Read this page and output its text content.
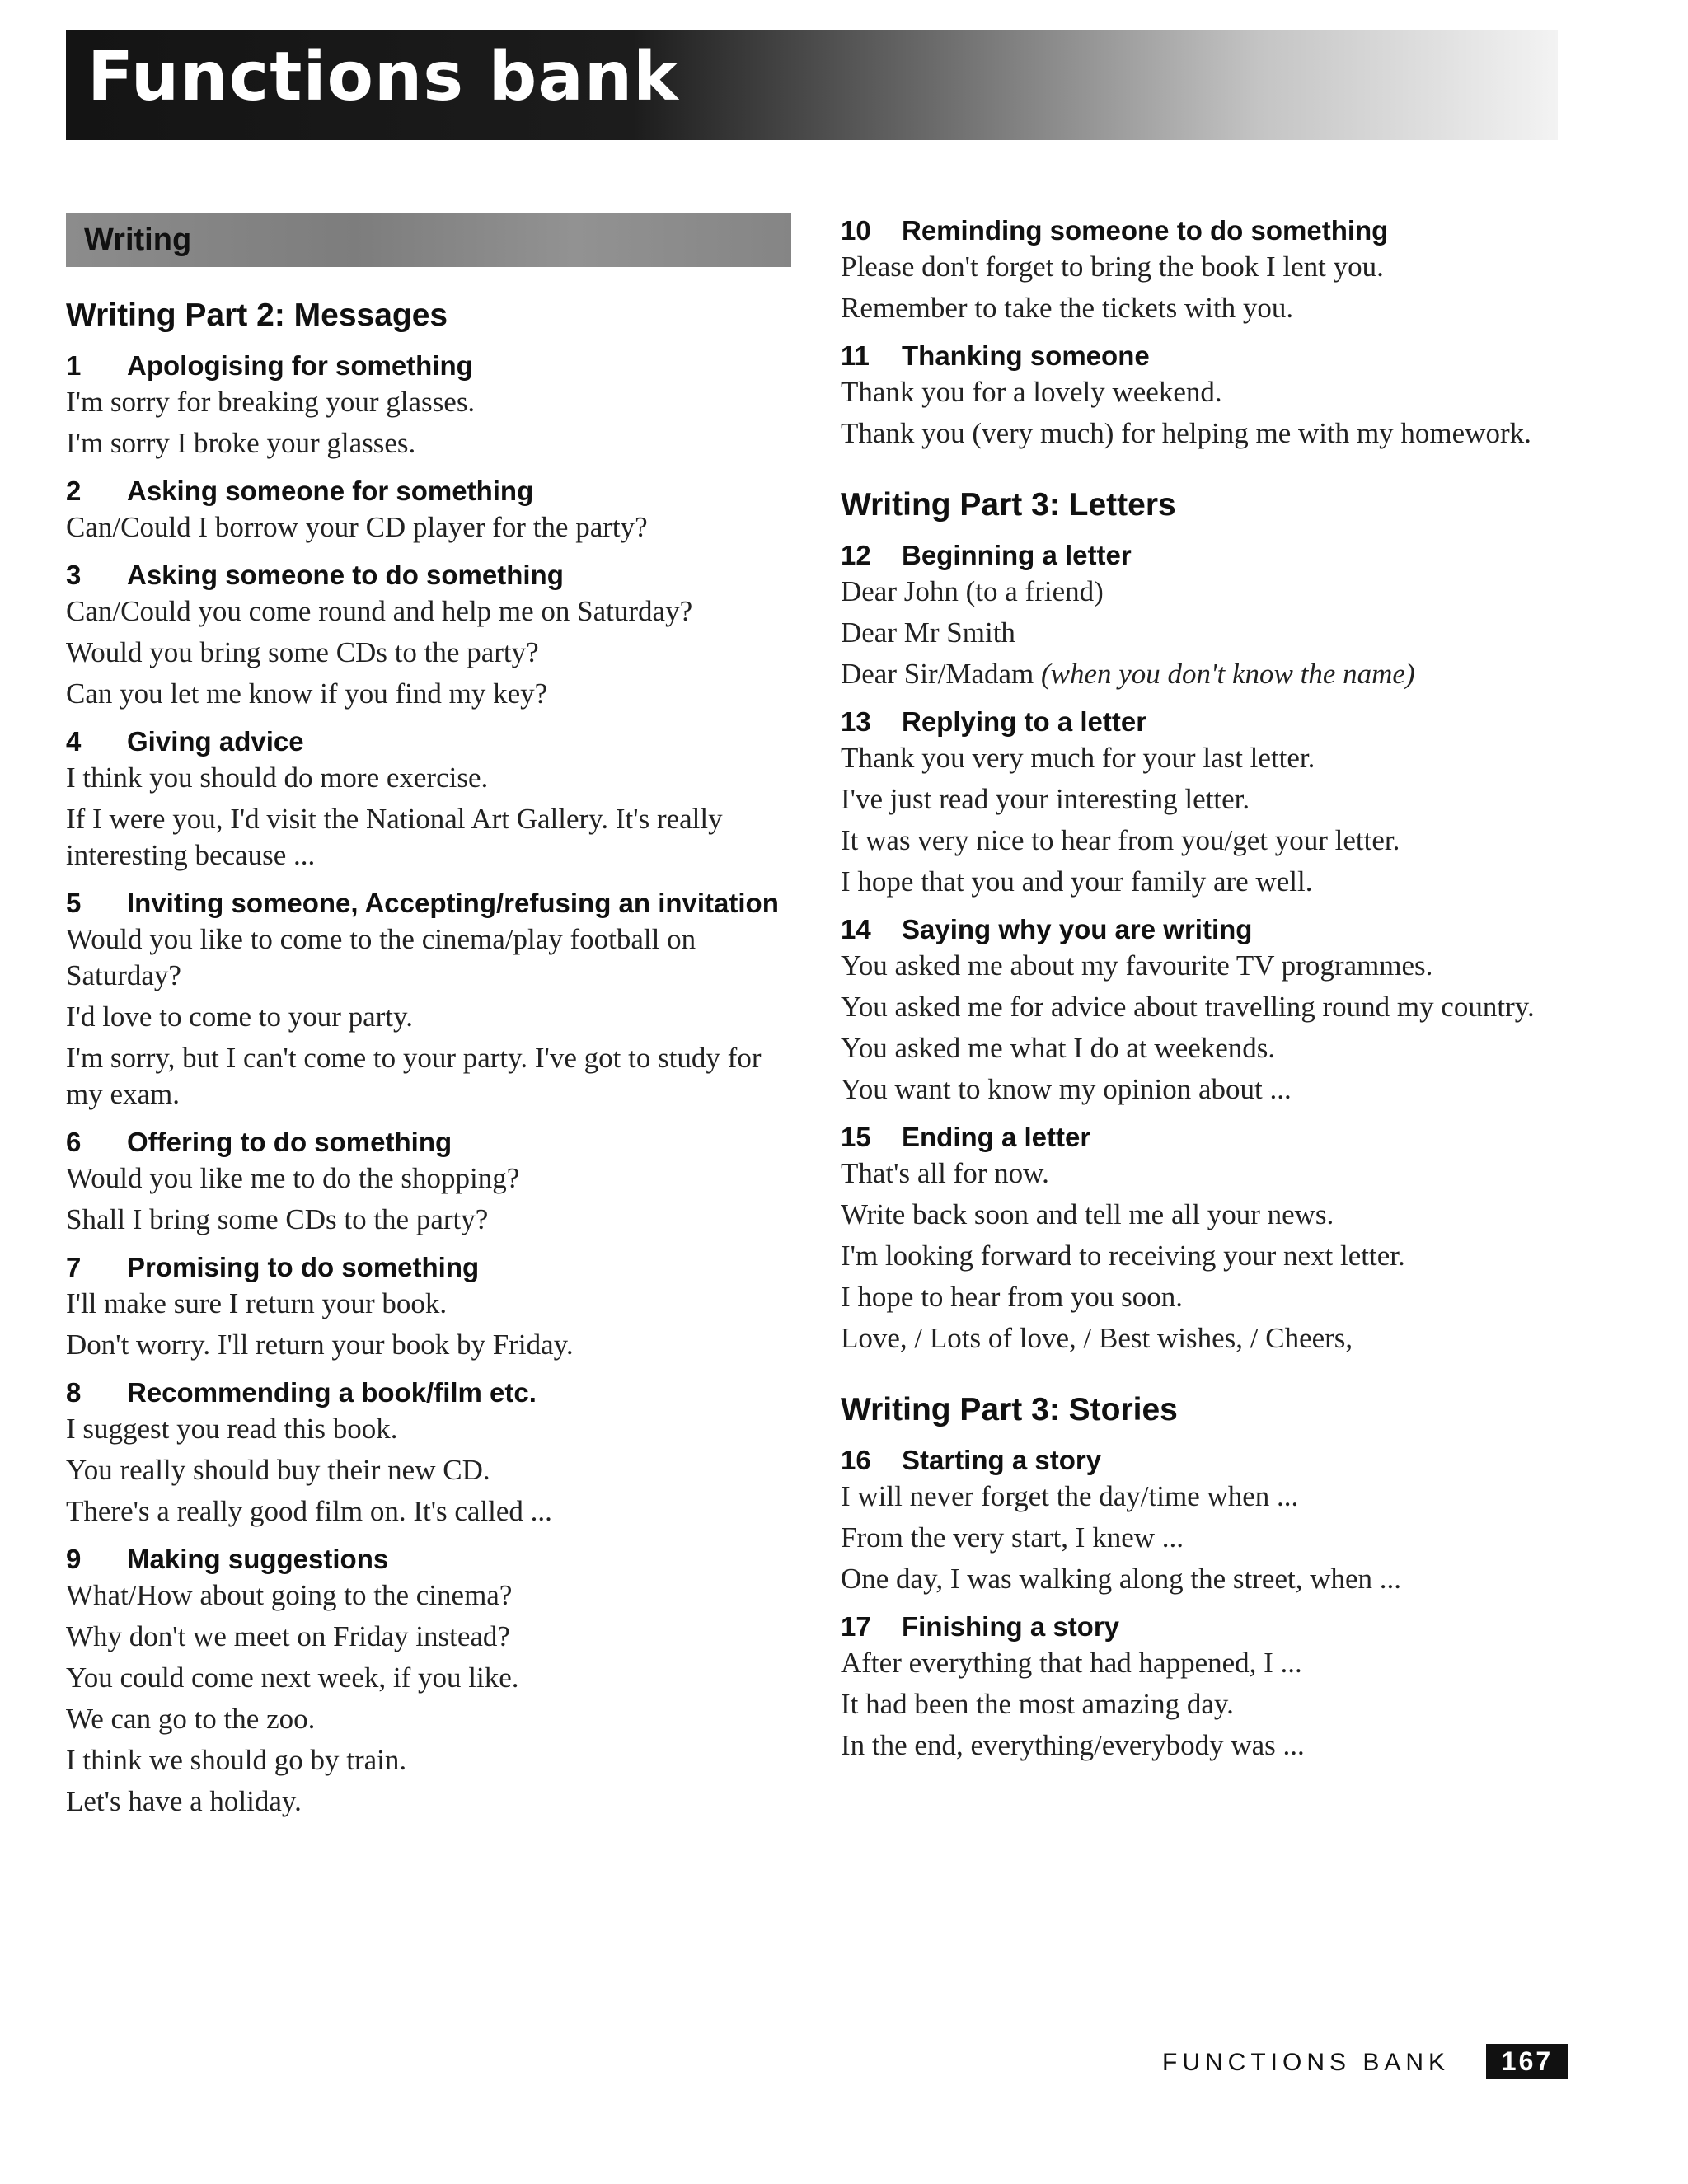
Functions bank
Writing
Writing Part 2: Messages
1	Apologising for something

I'm sorry for breaking your glasses.

I'm sorry I broke your glasses.

2	Asking someone for something

Can/Could I borrow your CD player for the party?

3	Asking someone to do something

Can/Could you come round and help me on Saturday?

Would you bring some CDs to the party?

Can you let me know if you find my key?

4	Giving advice

I think you should do more exercise.

If I were you, I'd visit the National Art Gallery. It's really interesting because ...

5	Inviting someone, Accepting/refusing an invitation

Would you like to come to the cinema/play football on Saturday?

I'd love to come to your party.

I'm sorry, but I can't come to your party. I've got to study for my exam.

6	Offering to do something

Would you like me to do the shopping?

Shall I bring some CDs to the party?

7	Promising to do something

I'll make sure I return your book.

Don't worry. I'll return your book by Friday.

8	Recommending a book/film etc.

I suggest you read this book.

You really should buy their new CD.

There's a really good film on. It's called ...

9	Making suggestions

What/How about going to the cinema?

Why don't we meet on Friday instead?

You could come next week, if you like.

We can go to the zoo.

I think we should go by train.

Let's have a holiday.

10	Reminding someone to do something

Please don't forget to bring the book I lent you.

Remember to take the tickets with you.

11	Thanking someone

Thank you for a lovely weekend.

Thank you (very much) for helping me with my homework.

Writing Part 3: Letters
12	Beginning a letter

Dear John (to a friend)

Dear Mr Smith

Dear Sir/Madam (when you don't know the name)

13	Replying to a letter

Thank you very much for your last letter.

I've just read your interesting letter.

It was very nice to hear from you/get your letter.

I hope that you and your family are well.

14	Saying why you are writing

You asked me about my favourite TV programmes.

You asked me for advice about travelling round my country.

You asked me what I do at weekends.

You want to know my opinion about ...

15	Ending a letter

That's all for now.

Write back soon and tell me all your news.

I'm looking forward to receiving your next letter.

I hope to hear from you soon.

Love, / Lots of love, / Best wishes, / Cheers,

Writing Part 3: Stories
16	Starting a story

I will never forget the day/time when ...

From the very start, I knew ...

One day, I was walking along the street, when ...

17	Finishing a story

After everything that had happened, I ...

It had been the most amazing day.

In the end, everything/everybody was ...

FUNCTIONS BANK	167
